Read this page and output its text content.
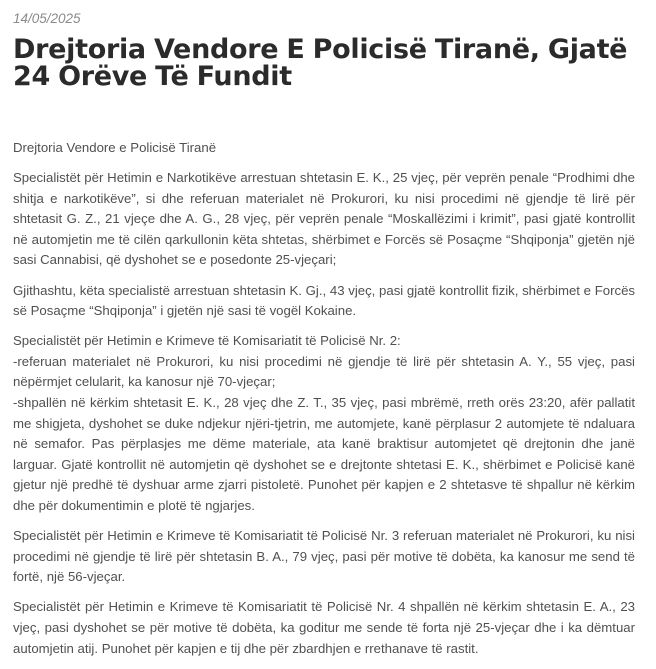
14/05/2025
Drejtoria Vendore E Policisë Tiranë, Gjatë 24 Orëve Të Fundit

Drejtoria Vendore e Policisë Tiranë

Specialistët për Hetimin e Narkotikëve arrestuan shtetasin E. K., 25 vjeç, për veprën penale “Prodhimi dhe shitja e narkotikëve”, si dhe referuan materialet në Prokurori, ku nisi procedimi në gjendje të lirë për shtetasit G. Z., 21 vjeçe dhe A. G., 28 vjeç, për veprën penale “Moskallëzimi i krimit”, pasi gjatë kontrollit në automjetin me të cilën qarkullonin këta shtetas, shërbimet e Forcës së Posaçme “Shqiponja” gjetën një sasi Cannabisi, që dyshohet se e posedonte 25-vjeçari;

Gjithashtu, këta specialistë arrestuan shtetasin K. Gj., 43 vjeç, pasi gjatë kontrollit fizik, shërbimet e Forcës së Posaçme “Shqiponja” i gjetën një sasi të vogël Kokaine.

Specialistët për Hetimin e Krimeve të Komisariatit të Policisë Nr. 2:
-referuan materialet në Prokurori, ku nisi procedimi në gjendje të lirë për shtetasin A. Y., 55 vjeç, pasi nëpërmjet celularit, ka kanosur një 70-vjeçar;
-shpallën në kërkim shtetasit E. K., 28 vjeç dhe Z. T., 35 vjeç, pasi mbrëmë, rreth orës 23:20, afër pallatit me shigjeta, dyshohet se duke ndjekur njëri-tjetrin, me automjete, kanë përplasur 2 automjete të ndaluara në semafor. Pas përplasjes me dëme materiale, ata kanë braktisur automjetet që drejtonin dhe janë larguar. Gjatë kontrollit në automjetin që dyshohet se e drejtonte shtetasi E. K., shërbimet e Policisë kanë gjetur një predhë të dyshuar arme zjarri pistoletë. Punohet për kapjen e 2 shtetasve të shpallur në kërkim dhe për dokumentimin e plotë të ngjarjes.

Specialistët për Hetimin e Krimeve të Komisariatit të Policisë Nr. 3 referuan materialet në Prokurori, ku nisi procedimi në gjendje të lirë për shtetasin B. A., 79 vjeç, pasi për motive të dobëta, ka kanosur me send të fortë, një 56-vjeçar.

Specialistët për Hetimin e Krimeve të Komisariatit të Policisë Nr. 4 shpallën në kërkim shtetasin E. A., 23 vjeç, pasi dyshohet se për motive të dobëta, ka goditur me sende të forta një 25-vjeçar dhe i ka dëmtuar automjetin atij. Punohet për kapjen e tij dhe për zbardhjen e rrethanave të rastit.
